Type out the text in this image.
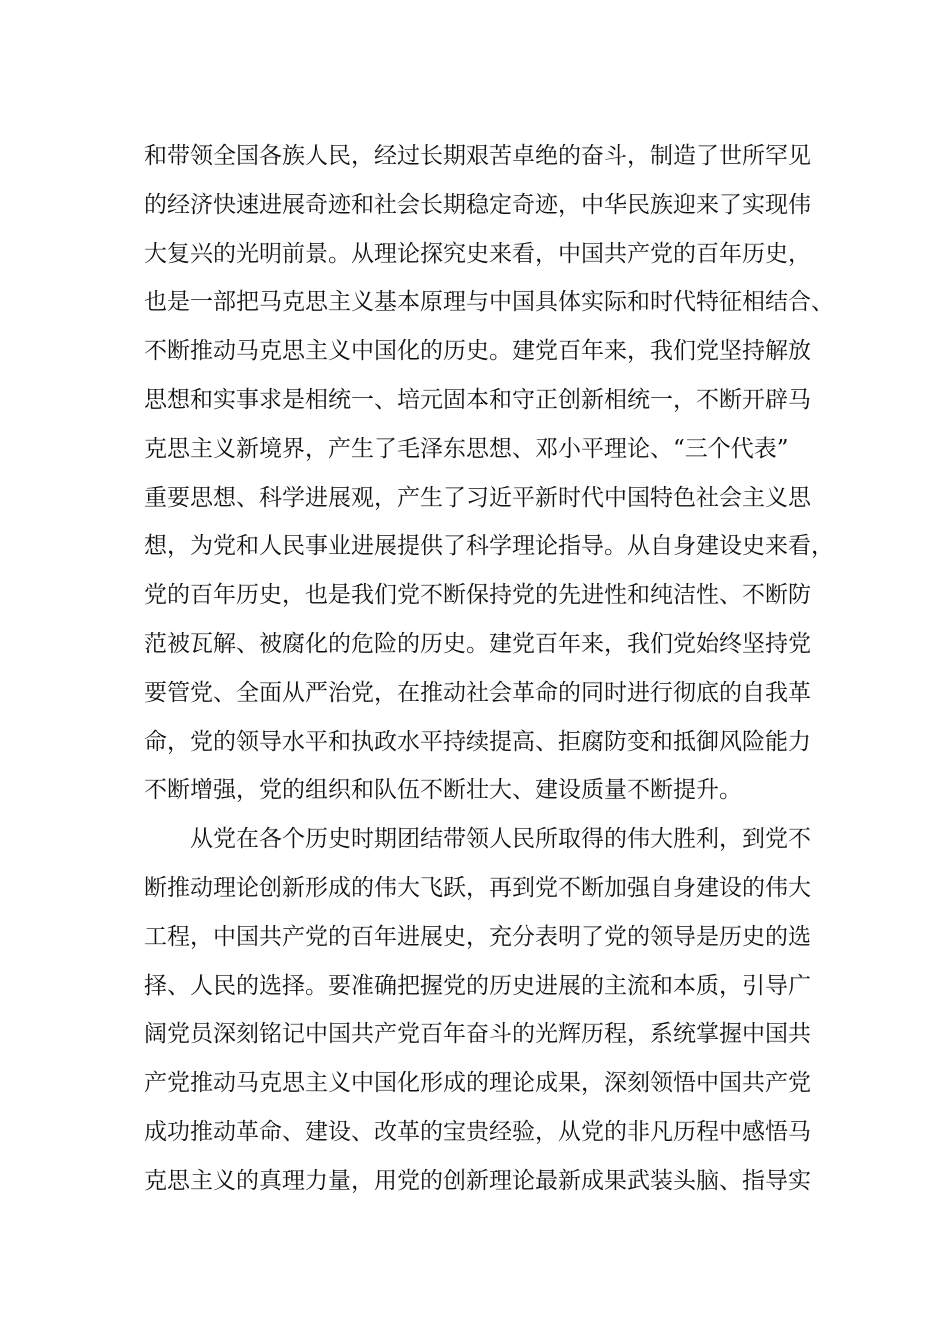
和带领全国各族人民，经过长期艰苦卓绝的奋斗，制造了世所罕见
的经济快速进展奇迹和社会长期稳定奇迹，中华民族迎来了实现伟
大复兴的光明前景。从理论探究史来看，中国共产党的百年历史，
也是一部把马克思主义基本原理与中国具体实际和时代特征相结合、
不断推动马克思主义中国化的历史。建党百年来，我们党坚持解放
思想和实事求是相统一、培元固本和守正创新相统一，不断开辟马
克思主义新境界，产生了毛泽东思想、邓小平理论、“三个代表”
重要思想、科学进展观，产生了习近平新时代中国特色社会主义思
想，为党和人民事业进展提供了科学理论指导。从自身建设史来看，
党的百年历史，也是我们党不断保持党的先进性和纯洁性、不断防
范被瓦解、被腐化的危险的历史。建党百年来，我们党始终坚持党
要管党、全面从严治党，在推动社会革命的同时进行彻底的自我革
命，党的领导水平和执政水平持续提高、拒腐防变和抵御风险能力
不断增强，党的组织和队伍不断壮大、建设质量不断提升。
从党在各个历史时期团结带领人民所取得的伟大胜利，到党不
断推动理论创新形成的伟大飞跃，再到党不断加强自身建设的伟大
工程，中国共产党的百年进展史，充分表明了党的领导是历史的选
择、人民的选择。要准确把握党的历史进展的主流和本质，引导广
阔党员深刻铭记中国共产党百年奋斗的光辉历程，系统掌握中国共
产党推动马克思主义中国化形成的理论成果，深刻领悟中国共产党
成功推动革命、建设、改革的宝贵经验，从党的非凡历程中感悟马
克思主义的真理力量，用党的创新理论最新成果武装头脑、指导实
